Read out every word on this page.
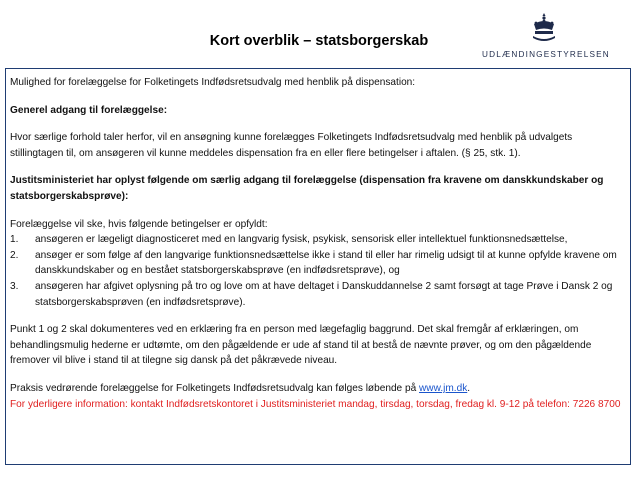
Kort overblik – statsborgerskab
UDLÆNDINGESTYRELSEN

Mulighed for forelæggelse for Folketingets Indfødsretsudvalg med henblik på dispensation:

Generel adgang til forelæggelse:

Hvor særlige forhold taler herfor, vil en ansøgning kunne forelægges Folketingets Indfødsretsudvalg med henblik på udvalgets stillingtagen til, om ansøgeren vil kunne meddeles dispensation fra en eller flere betingelser i aftalen. (§ 25, stk. 1).

Justitsministeriet har oplyst følgende om særlig adgang til forelæggelse (dispensation fra kravene om danskkundskaber og statsborgerskabsprøve):

Forelæggelse vil ske, hvis følgende betingelser er opfyldt:

1. ansøgeren er lægeligt diagnosticeret med en langvarig fysisk, psykisk, sensorisk eller intellektuel funktionsnedsættelse,
2. ansøger er som følge af den langvarige funktionsnedsættelse ikke i stand til eller har rimelig udsigt til at kunne opfylde kravene om danskkundskaber og en bestået statsborgerskabsprøve (en indfødsretsprøve), og
3. ansøgeren har afgivet oplysning på tro og love om at have deltaget i Danskuddannelse 2 samt forsøgt at tage Prøve i Dansk 2 og statsborgerskabsprøven (en indfødsretsprøve).

Punkt 1 og 2 skal dokumenteres ved en erklæring fra en person med lægefaglig baggrund. Det skal fremgår af erklæringen, om behandlingsmulig hederne er udtømte, om den pågældende er ude af stand til at bestå de nævnte prøver, og om den pågældende fremover vil blive i stand til at tilegne sig dansk på det påkrævede niveau.

Praksis vedrørende forelæggelse for Folketingets Indfødsretsudvalg kan følges løbende på www.jm.dk.

For yderligere information: kontakt Indfødsretskontoret i Justitsministeriet mandag, tirsdag, torsdag, fredag kl. 9-12 på telefon: 7226 8700
